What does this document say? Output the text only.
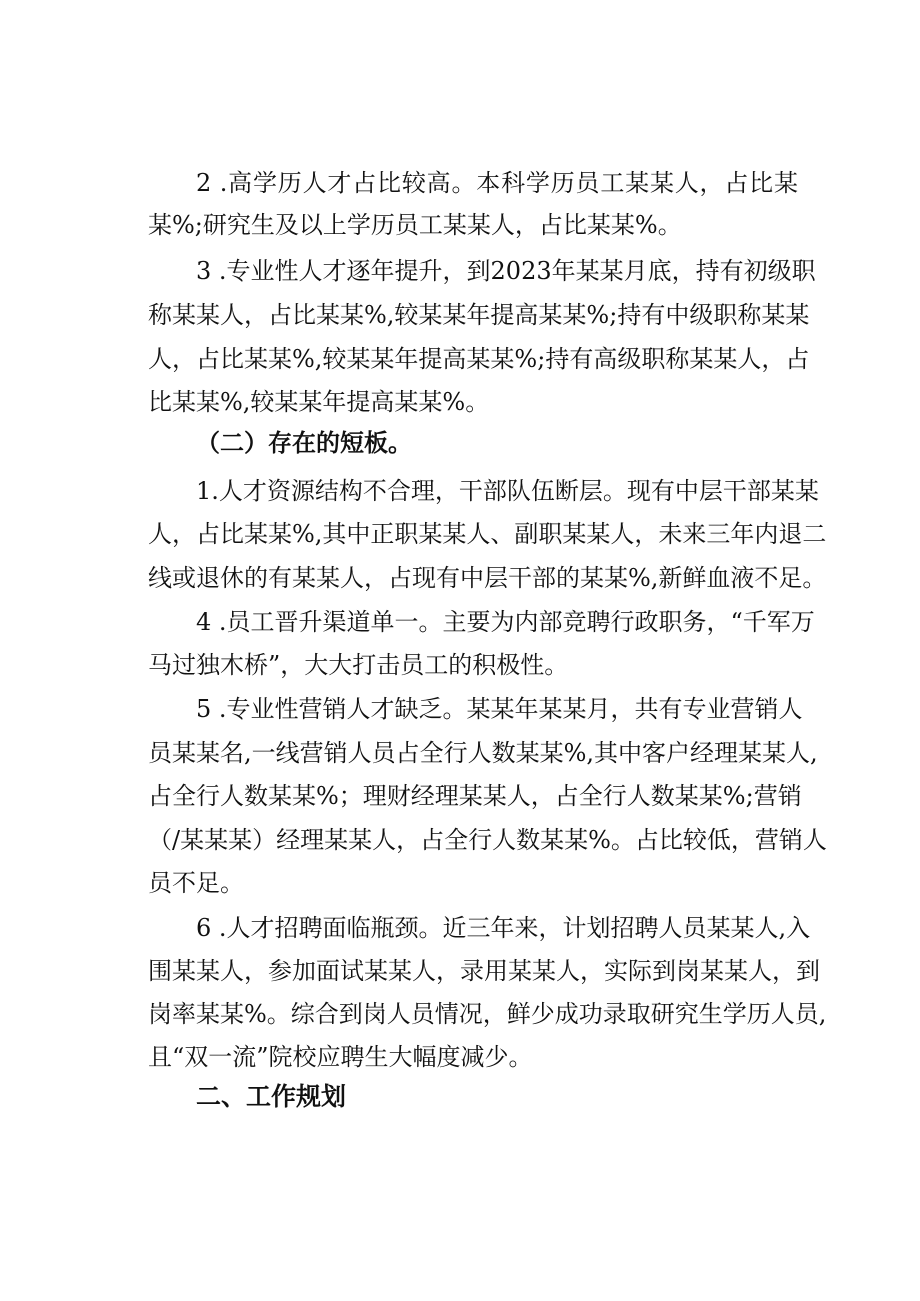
2 .高学历人才占比较高。本科学历员工某某人，占比某
某%;研究生及以上学历员工某某人，占比某某%。
3 .专业性人才逐年提升，到2023年某某月底，持有初级职
称某某人，占比某某%,较某某年提高某某%;持有中级职称某某
人，占比某某%,较某某年提高某某%;持有高级职称某某人，占
比某某%,较某某年提高某某%。
（二）存在的短板。
1.人才资源结构不合理，干部队伍断层。现有中层干部某某
人，占比某某%,其中正职某某人、副职某某人，未来三年内退二
线或退休的有某某人，占现有中层干部的某某%,新鲜血液不足。
4 .员工晋升渠道单一。主要为内部竞聘行政职务，“千军万
马过独木桥”，大大打击员工的积极性。
5 .专业性营销人才缺乏。某某年某某月，共有专业营销人
员某某名,一线营销人员占全行人数某某%,其中客户经理某某人,
占全行人数某某%；理财经理某某人，占全行人数某某%;营销
（/某某某）经理某某人，占全行人数某某%。占比较低，营销人
员不足。
6 .人才招聘面临瓶颈。近三年来，计划招聘人员某某人,入
围某某人，参加面试某某人，录用某某人，实际到岗某某人，到
岗率某某%。综合到岗人员情况，鲜少成功录取研究生学历人员,
且“双一流”院校应聘生大幅度减少。
二、工作规划
